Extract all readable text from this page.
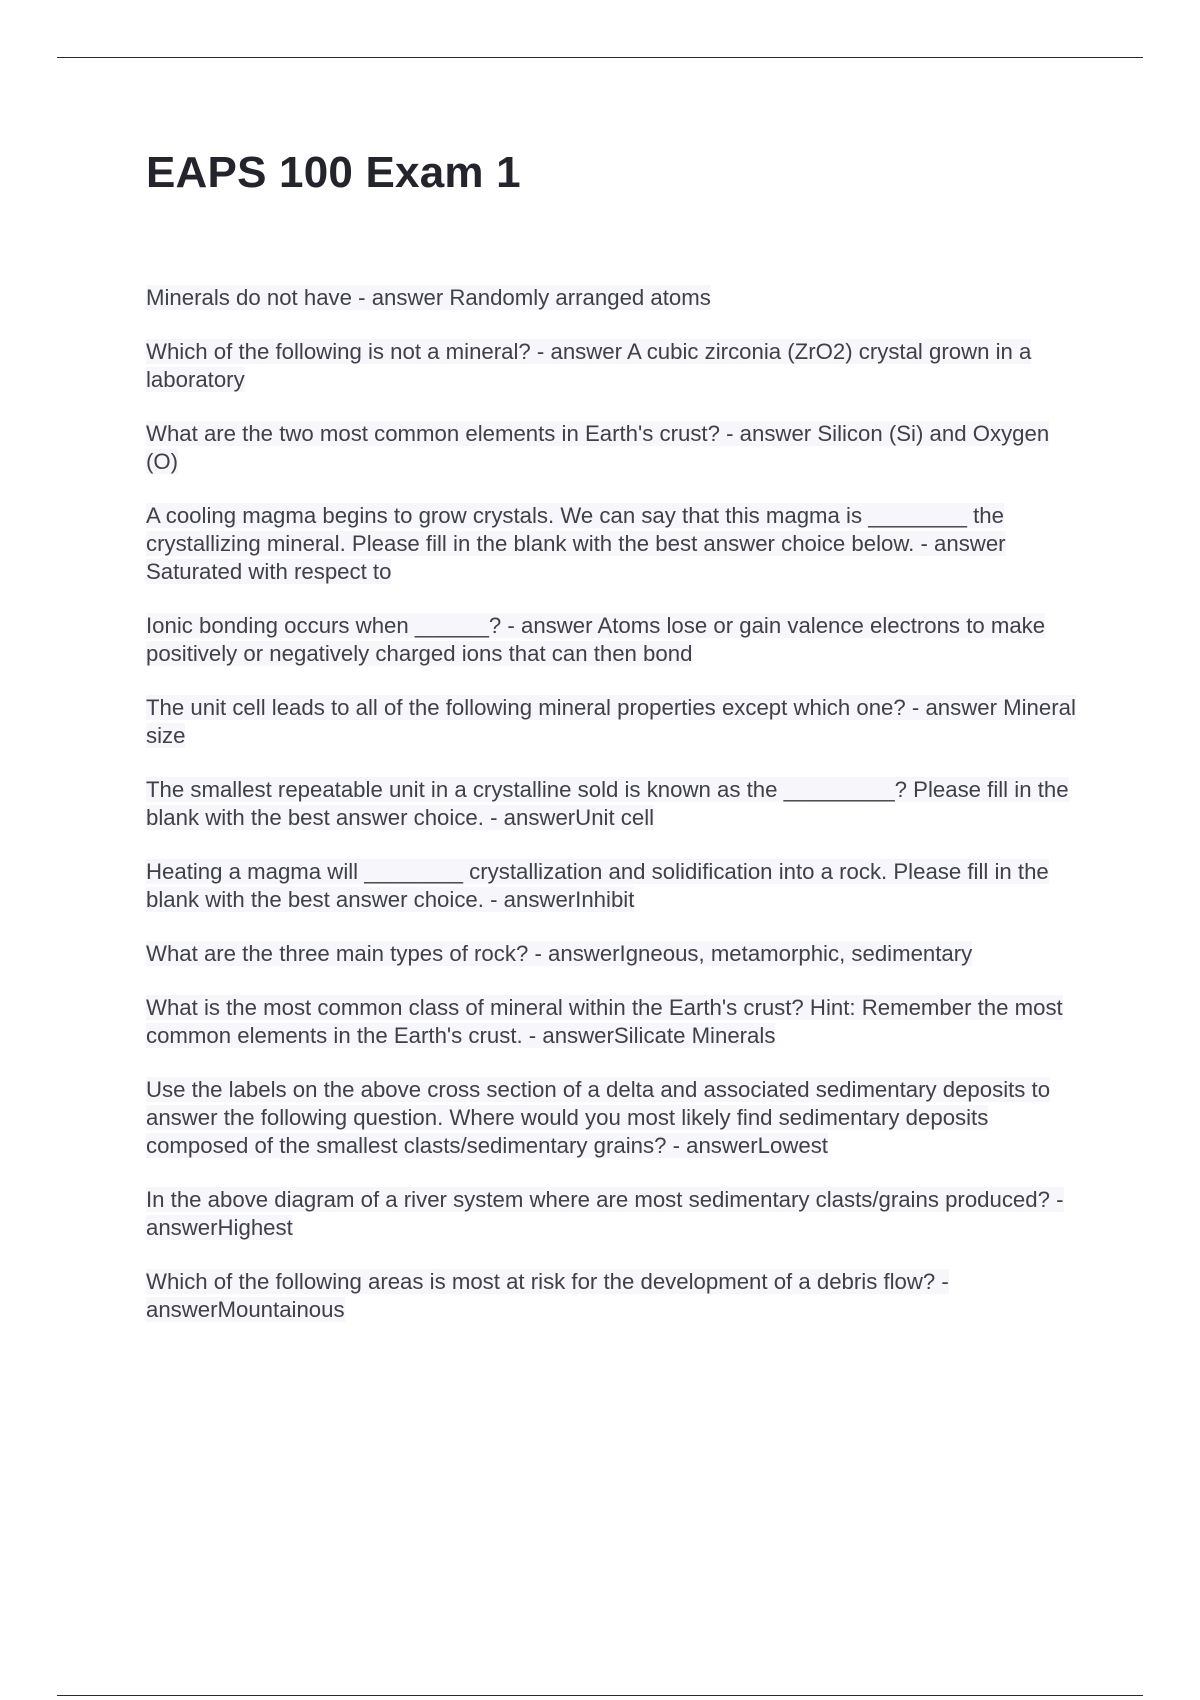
EAPS 100 Exam 1
Minerals do not have - answer Randomly arranged atoms
Which of the following is not a mineral? - answer A cubic zirconia (ZrO2) crystal grown in a laboratory
What are the two most common elements in Earth's crust? - answer Silicon (Si) and Oxygen (O)
A cooling magma begins to grow crystals. We can say that this magma is ________ the crystallizing mineral. Please fill in the blank with the best answer choice below. - answer Saturated with respect to
Ionic bonding occurs when ______? - answer Atoms lose or gain valence electrons to make positively or negatively charged ions that can then bond
The unit cell leads to all of the following mineral properties except which one? - answer Mineral size
The smallest repeatable unit in a crystalline sold is known as the _________? Please fill in the blank with the best answer choice. - answerUnit cell
Heating a magma will ________ crystallization and solidification into a rock. Please fill in the blank with the best answer choice. - answerInhibit
What are the three main types of rock? - answerIgneous, metamorphic, sedimentary
What is the most common class of mineral within the Earth's crust? Hint: Remember the most common elements in the Earth's crust. - answerSilicate Minerals
Use the labels on the above cross section of a delta and associated sedimentary deposits to answer the following question. Where would you most likely find sedimentary deposits composed of the smallest clasts/sedimentary grains? - answerLowest
In the above diagram of a river system where are most sedimentary clasts/grains produced? - answerHighest
Which of the following areas is most at risk for the development of a debris flow? - answerMountainous
